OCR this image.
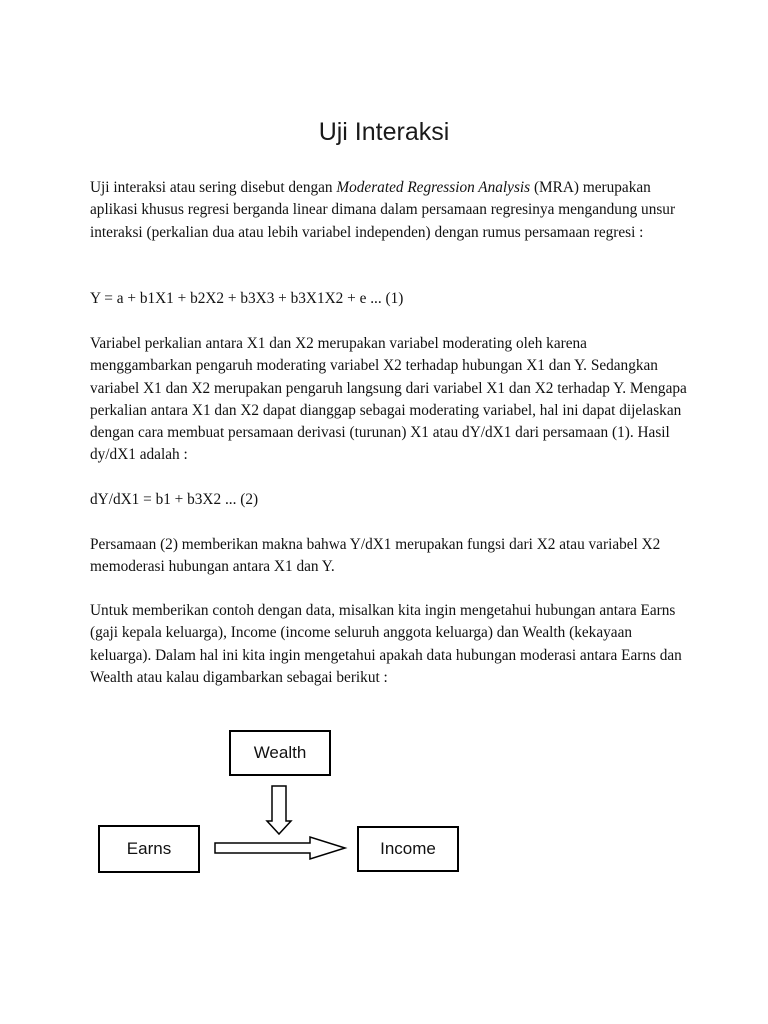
Uji Interaksi

Uji interaksi atau sering disebut dengan Moderated Regression Analysis (MRA) merupakan aplikasi khusus regresi berganda linear dimana dalam persamaan regresinya mengandung unsur interaksi (perkalian dua atau lebih variabel independen) dengan rumus persamaan regresi :

Y = a + b1X1 + b2X2 + b3X3 + b3X1X2 + e ... (1)

Variabel perkalian antara X1 dan X2 merupakan variabel moderating oleh karena menggambarkan pengaruh moderating variabel X2 terhadap hubungan X1 dan Y. Sedangkan variabel X1 dan X2 merupakan pengaruh langsung dari variabel X1 dan X2 terhadap Y. Mengapa perkalian antara X1 dan X2 dapat dianggap sebagai moderating variabel, hal ini dapat dijelaskan dengan cara membuat persamaan derivasi (turunan) X1 atau dY/dX1 dari persamaan (1). Hasil dy/dX1 adalah :

dY/dX1 = b1 + b3X2 ... (2)

Persamaan (2) memberikan makna bahwa Y/dX1 merupakan fungsi dari X2 atau variabel X2 memoderasi hubungan antara X1 dan Y.

Untuk memberikan contoh dengan data, misalkan kita ingin mengetahui hubungan antara Earns (gaji kepala keluarga), Income (income seluruh anggota keluarga) dan Wealth (kekayaan keluarga). Dalam hal ini kita ingin mengetahui apakah data hubungan moderasi antara Earns dan Wealth atau kalau digambarkan sebagai berikut :

Wealth
Earns	Income
